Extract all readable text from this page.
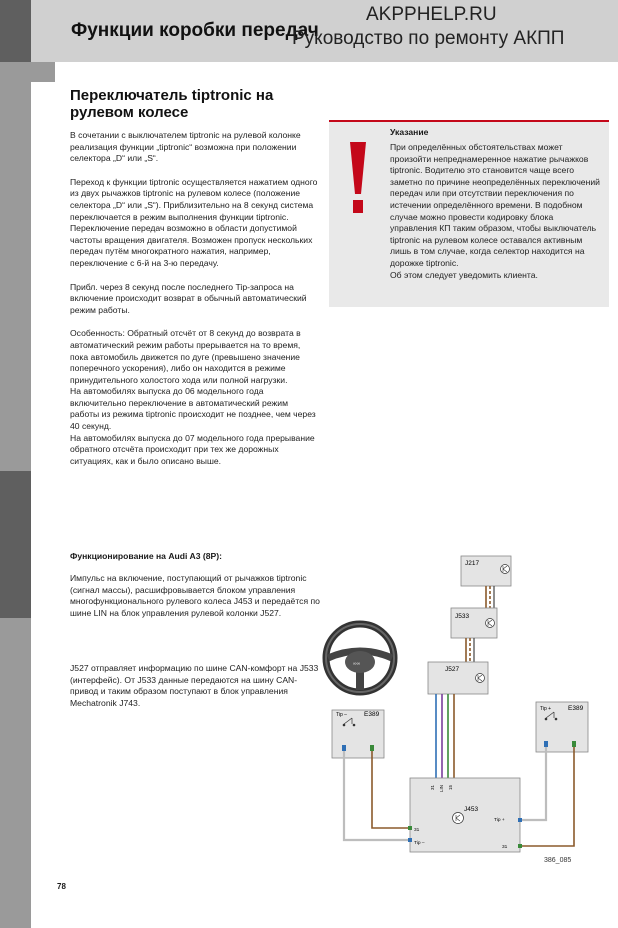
Функции коробки передач
AKPPHELP.RU
Руководство по ремонту АКПП
Переключатель tiptronic на рулевом колесе

В сочетании с выключателем tiptronic на рулевой колонке реализация функции „tiptronic“ возможна при положении селектора „D“ или „S“.

Переход к функции tiptronic осуществляется нажатием одного из двух рычажков tiptronic на рулевом колесе (положение селектора „D“ или „S“). Приблизительно на 8 секунд система переключается в режим выполнения функции tiptronic. Переключение передач возможно в области допустимой частоты вращения двигателя. Возможен пропуск нескольких передач путём многократного нажатия, например, переключение с 6-й на 3-ю передачу.

Прибл. через 8 секунд после последнего Tip-запроса на включение происходит возврат в обычный автоматический режим работы.

Особенность: Обратный отсчёт от 8 секунд до возврата в автоматический режим работы прерывается на то время, пока автомобиль движется по дуге (превышено значение поперечного ускорения), либо он находится в режиме принудительного холостого хода или полной нагрузки.

На автомобилях выпуска до 06 модельного года включительно переключение в автоматический режим работы из режима tiptronic происходит не позднее, чем через 40 секунд.

На автомобилях выпуска до 07 модельного года прерывание обратного отсчёта происходит при тех же дорожных ситуациях, как и было описано выше.

Указание
При определённых обстоятельствах может произойти непреднамеренное нажатие рычажков tiptronic. Водителю это становится чаще всего заметно по причине неопределённых переключений передач или при отсутствии переключения по истечении определённого времени. В подобном случае можно провести кодировку блока управления КП таким образом, чтобы выключатель tiptronic на рулевом колесе оставался активным лишь в том случае, когда селектор находится на дорожке tiptronic.
Об этом следует уведомить клиента.
Функционирование на Audi A3 (8P):
Импульс на включение, поступающий от рычажков tiptronic (сигнал массы), расшифровывается блоком управления многофункционального рулевого колеса J453 и передаётся по шине LIN на блок управления рулевой колонки J527.
J527 отправляет информацию по шине CAN-комфорт на J533 (интерфейс). От J533 данные передаются на шину CAN-привод и таким образом поступают в блок управления Mechatronik J743.
J217
J533
J527
∞∞
Tip –	E389
Tip +	E389
31 LIN 15
J453
Tip +
31
Tip –
31
386_085
78
